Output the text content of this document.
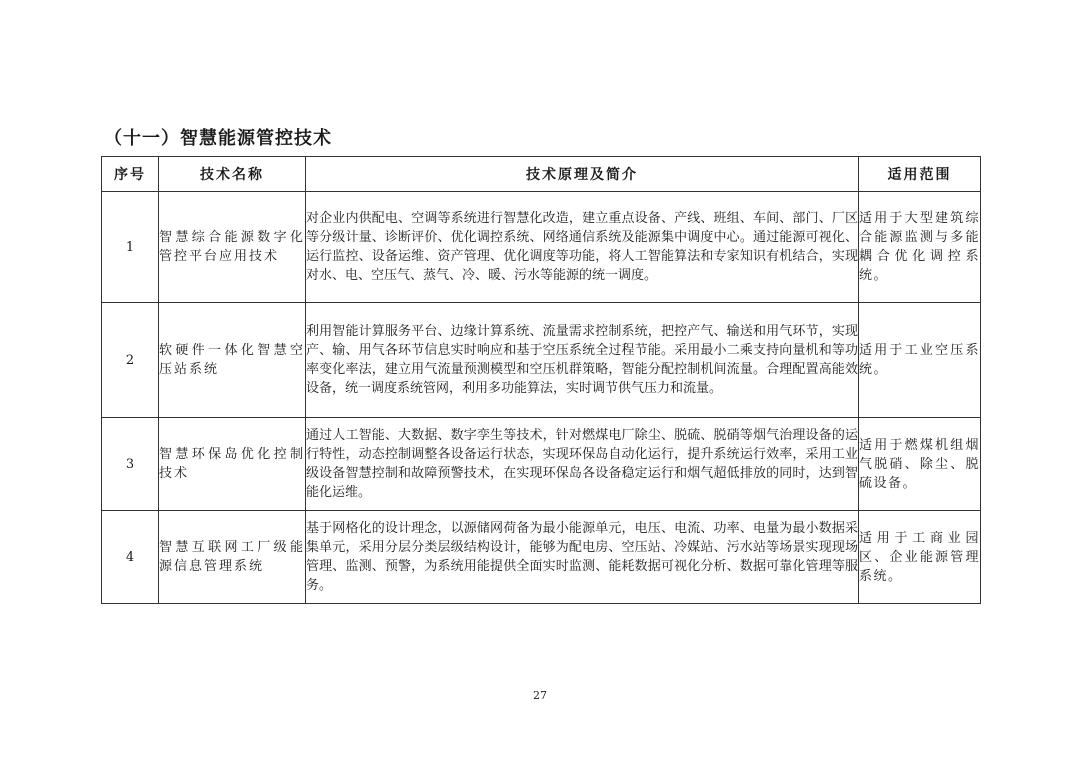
（十一）智慧能源管控技术
序号	技术名称	技术原理及简介	适用范围
1	智慧综合能源数字化管控平台应用技术	对企业内供配电、空调等系统进行智慧化改造，建立重点设备、产线、班组、车间、部门、厂区等分级计量、诊断评价、优化调控系统、网络通信系统及能源集中调度中心。通过能源可视化、运行监控、设备运维、资产管理、优化调度等功能，将人工智能算法和专家知识有机结合，实现对水、电、空压气、蒸气、冷、暖、污水等能源的统一调度。	适用于大型建筑综合能源监测与多能耦合优化调控系统。
2	软硬件一体化智慧空压站系统	利用智能计算服务平台、边缘计算系统、流量需求控制系统，把控产气、输送和用气环节，实现产、输、用气各环节信息实时响应和基于空压系统全过程节能。采用最小二乘支持向量机和等功率变化率法，建立用气流量预测模型和空压机群策略，智能分配控制机间流量。合理配置高能效设备，统一调度系统管网，利用多功能算法，实时调节供气压力和流量。	适用于工业空压系统。
3	智慧环保岛优化控制技术	通过人工智能、大数据、数字孪生等技术，针对燃煤电厂除尘、脱硫、脱硝等烟气治理设备的运行特性，动态控制调整各设备运行状态，实现环保岛自动化运行，提升系统运行效率，采用工业级设备智慧控制和故障预警技术，在实现环保岛各设备稳定运行和烟气超低排放的同时，达到智能化运维。	适用于燃煤机组烟气脱硝、除尘、脱硫设备。
4	智慧互联网工厂级能源信息管理系统	基于网格化的设计理念，以源储网荷备为最小能源单元，电压、电流、功率、电量为最小数据采集单元，采用分层分类层级结构设计，能够为配电房、空压站、冷媒站、污水站等场景实现现场管理、监测、预警，为系统用能提供全面实时监测、能耗数据可视化分析、数据可靠化管理等服务。	适用于工商业园区、企业能源管理系统。
27
